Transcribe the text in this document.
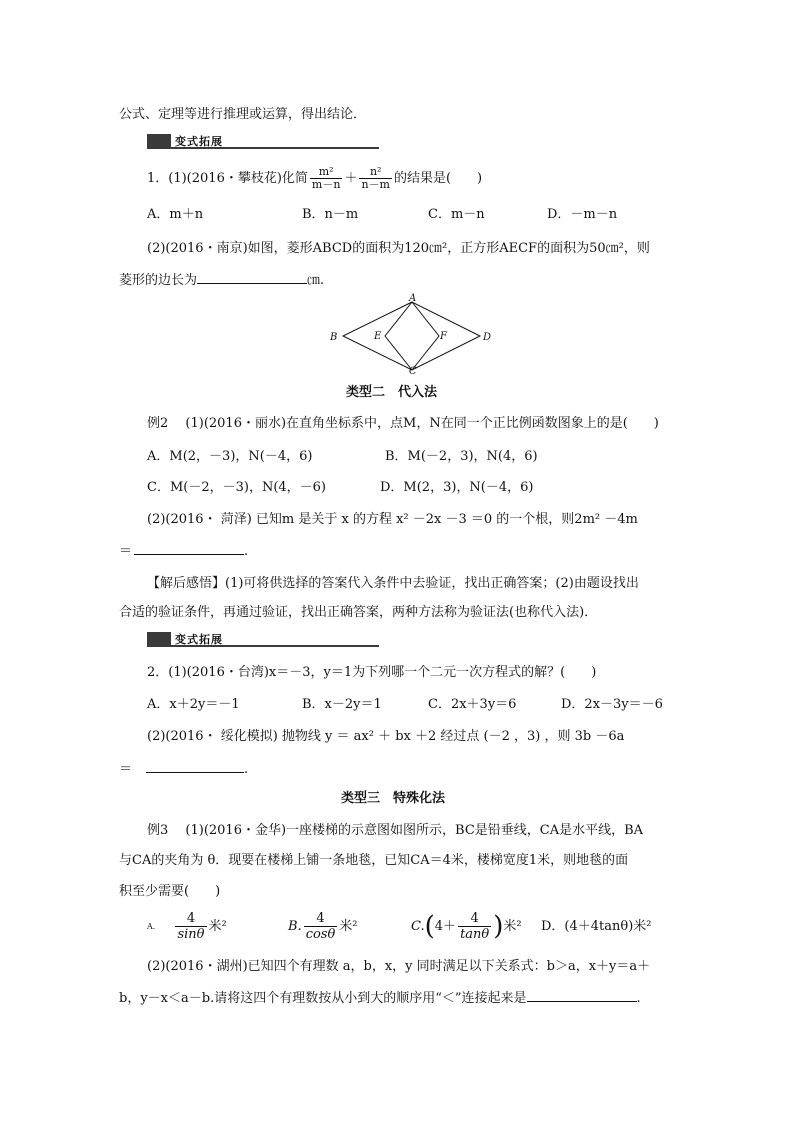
公式、定理等进行推理或运算，得出结论．
变式拓展
1．(1)(2016・攀枝花)化简 $\frac{\text{m²}}{m-n} + \frac{\text{n²}}{n-m}$ 的结果是(　　)
A．m＋n	B．n－m	C．m－n	D．－m－n
(2)(2016・南京)如图，菱形ABCD的面积为120㎝²，正方形AECF的面积为50㎝²，则
菱形的边长为	㎝.
A
B
C
D
E	F
类型二　代入法
例2　 (1)(2016・丽水)在直角坐标系中，点M，N在同一个正比例函数图象上的是(　　)
A．M(2，－3)，N(－4，6)	B．M(－2，3)，N(4，6)
C．M(－2，－3)，N(4，－6)	D．M(2，3)，N(－4，6)
(2)(2016・ 菏泽) 已知m 是关于 x 的方程 x² －2x －3 ＝0 的一个根，则2m² －4m
＝	.
【解后感悟】(1)可将供选择的答案代入条件中去验证，找出正确答案；(2)由题设找出
合适的验证条件，再通过验证，找出正确答案，两种方法称为验证法(也称代入法)．
变式拓展
2．(1)(2016・台湾)x＝－3，y＝1为下列哪一个二元一次方程式的解？(　　)
A．x＋2y＝－1	B．x－2y＝1	C．2x＋3y＝6	D．2x－3y＝－6
(2)(2016・ 绥化模拟) 抛物线 y ＝ ax² ＋ bx ＋2 经过点 (－2 ，3) ，则 3b －6a
＝	.
类型三　特殊化法
例3　 (1)(2016・金华)一座楼梯的示意图如图所示，BC是铅垂线，CA是水平线，BA
与CA的夹角为 θ．现要在楼梯上铺一条地毯，已知CA＝4米，楼梯宽度1米，则地毯的面
积至少需要(　　)
$^{A.} \frac{4}{\sin\theta}$ 米²	B. $\frac{4}{\cos\theta}$ 米²	$C.(4+ \frac{4}{\tan\theta}$ )米² D．(4＋4tanθ)米²
(2)(2016・湖州)已知四个有理数 a，b，x，y 同时满足以下关系式：b＞a，x＋y＝a＋
b，y－x＜a－b.请将这四个有理数按从小到大的顺序用“＜”连接起来是	.
